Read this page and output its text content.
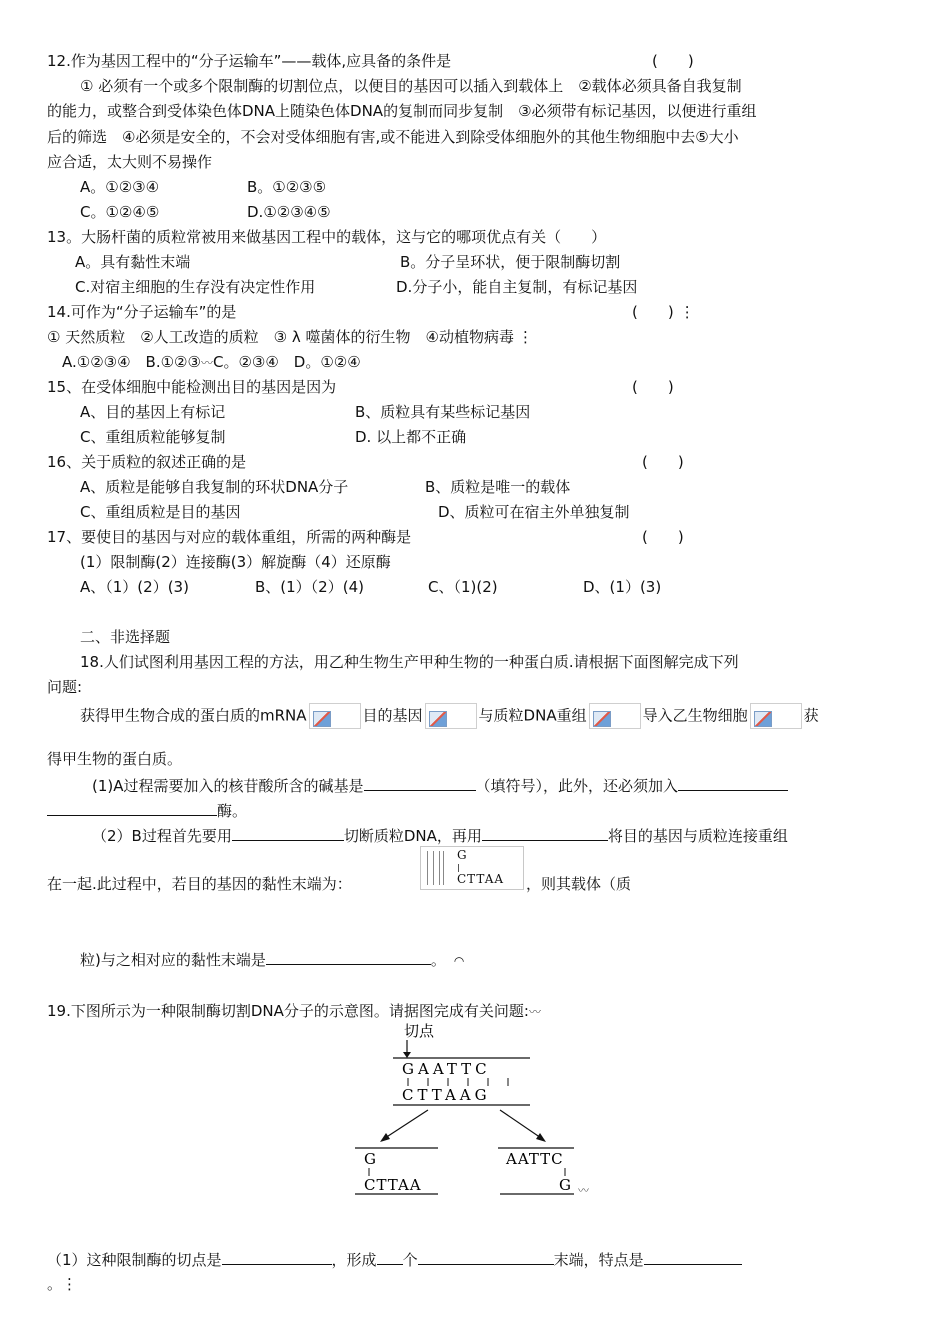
12.作为基因工程中的“分子运输车”——载体,应具备的条件是	(　　)
① 必须有一个或多个限制酶的切割位点，以便目的基因可以插入到载体上　②载体必须具备自我复制
的能力，或整合到受体染色体DNA上随染色体DNA的复制而同步复制　③必须带有标记基因，以便进行重组
后的筛选　④必须是安全的，不会对受体细胞有害,或不能进入到除受体细胞外的其他生物细胞中去⑤大小
应合适，太大则不易操作
A。①②③④	B。①②③⑤
C。①②④⑤	D.①②③④⑤
13。大肠杆菌的质粒常被用来做基因工程中的载体，这与它的哪项优点有关（　　）
A。具有黏性末端	B。分子呈环状，便于限制酶切割
C.对宿主细胞的生存没有决定性作用	D.分子小，能自主复制，有标记基因
14.可作为“分子运输车”的是	(　　) ⋮
① 天然质粒　②人工改造的质粒　③ λ 噬菌体的衍生物　④动植物病毒 ⋮
A.①②③④　B.①②③〰C。②③④　D。①②④
15、在受体细胞中能检测出目的基因是因为	(　　)
A、目的基因上有标记	B、质粒具有某些标记基因
C、重组质粒能够复制	D. 以上都不正确
16、关于质粒的叙述正确的是	(　　)
A、质粒是能够自我复制的环状DNA分子	B、质粒是唯一的载体
C、重组质粒是目的基因	D、质粒可在宿主外单独复制
17、要使目的基因与对应的载体重组，所需的两种酶是	(　　)
(1）限制酶(2）连接酶(3）解旋酶（4）还原酶
A、（1）(2）(3)	B、(1）（2）(4)	C、（1)(2)	D、(1）(3)
二、非选择题
18.人们试图利用基因工程的方法，用乙种生物生产甲种生物的一种蛋白质.请根据下面图解完成下列
问题:
获得甲生物合成的蛋白质的mRNA	目的基因	与质粒DNA重组	导入乙生物细胞	获
得甲生物的蛋白质。
(1)A过程需要加入的核苷酸所含的碱基是	（填符号），此外，还必须加入
酶。
（2）B过程首先要用	切断质粒DNA，再用	将目的基因与质粒连接重组
在一起.此过程中，若目的基因的黏性末端为：
G
CTTAA ，则其载体（质
粒)与之相对应的黏性末端是	。 ◠
19.下图所示为一种限制酶切割DNA分子的示意图。请据图完成有关问题:〰
切点
GAATTC
CTTAAG
G
CTTAA
AATTC
G 〰
（1）这种限制酶的切点是	，形成 个	末端，特点是
。⋮
